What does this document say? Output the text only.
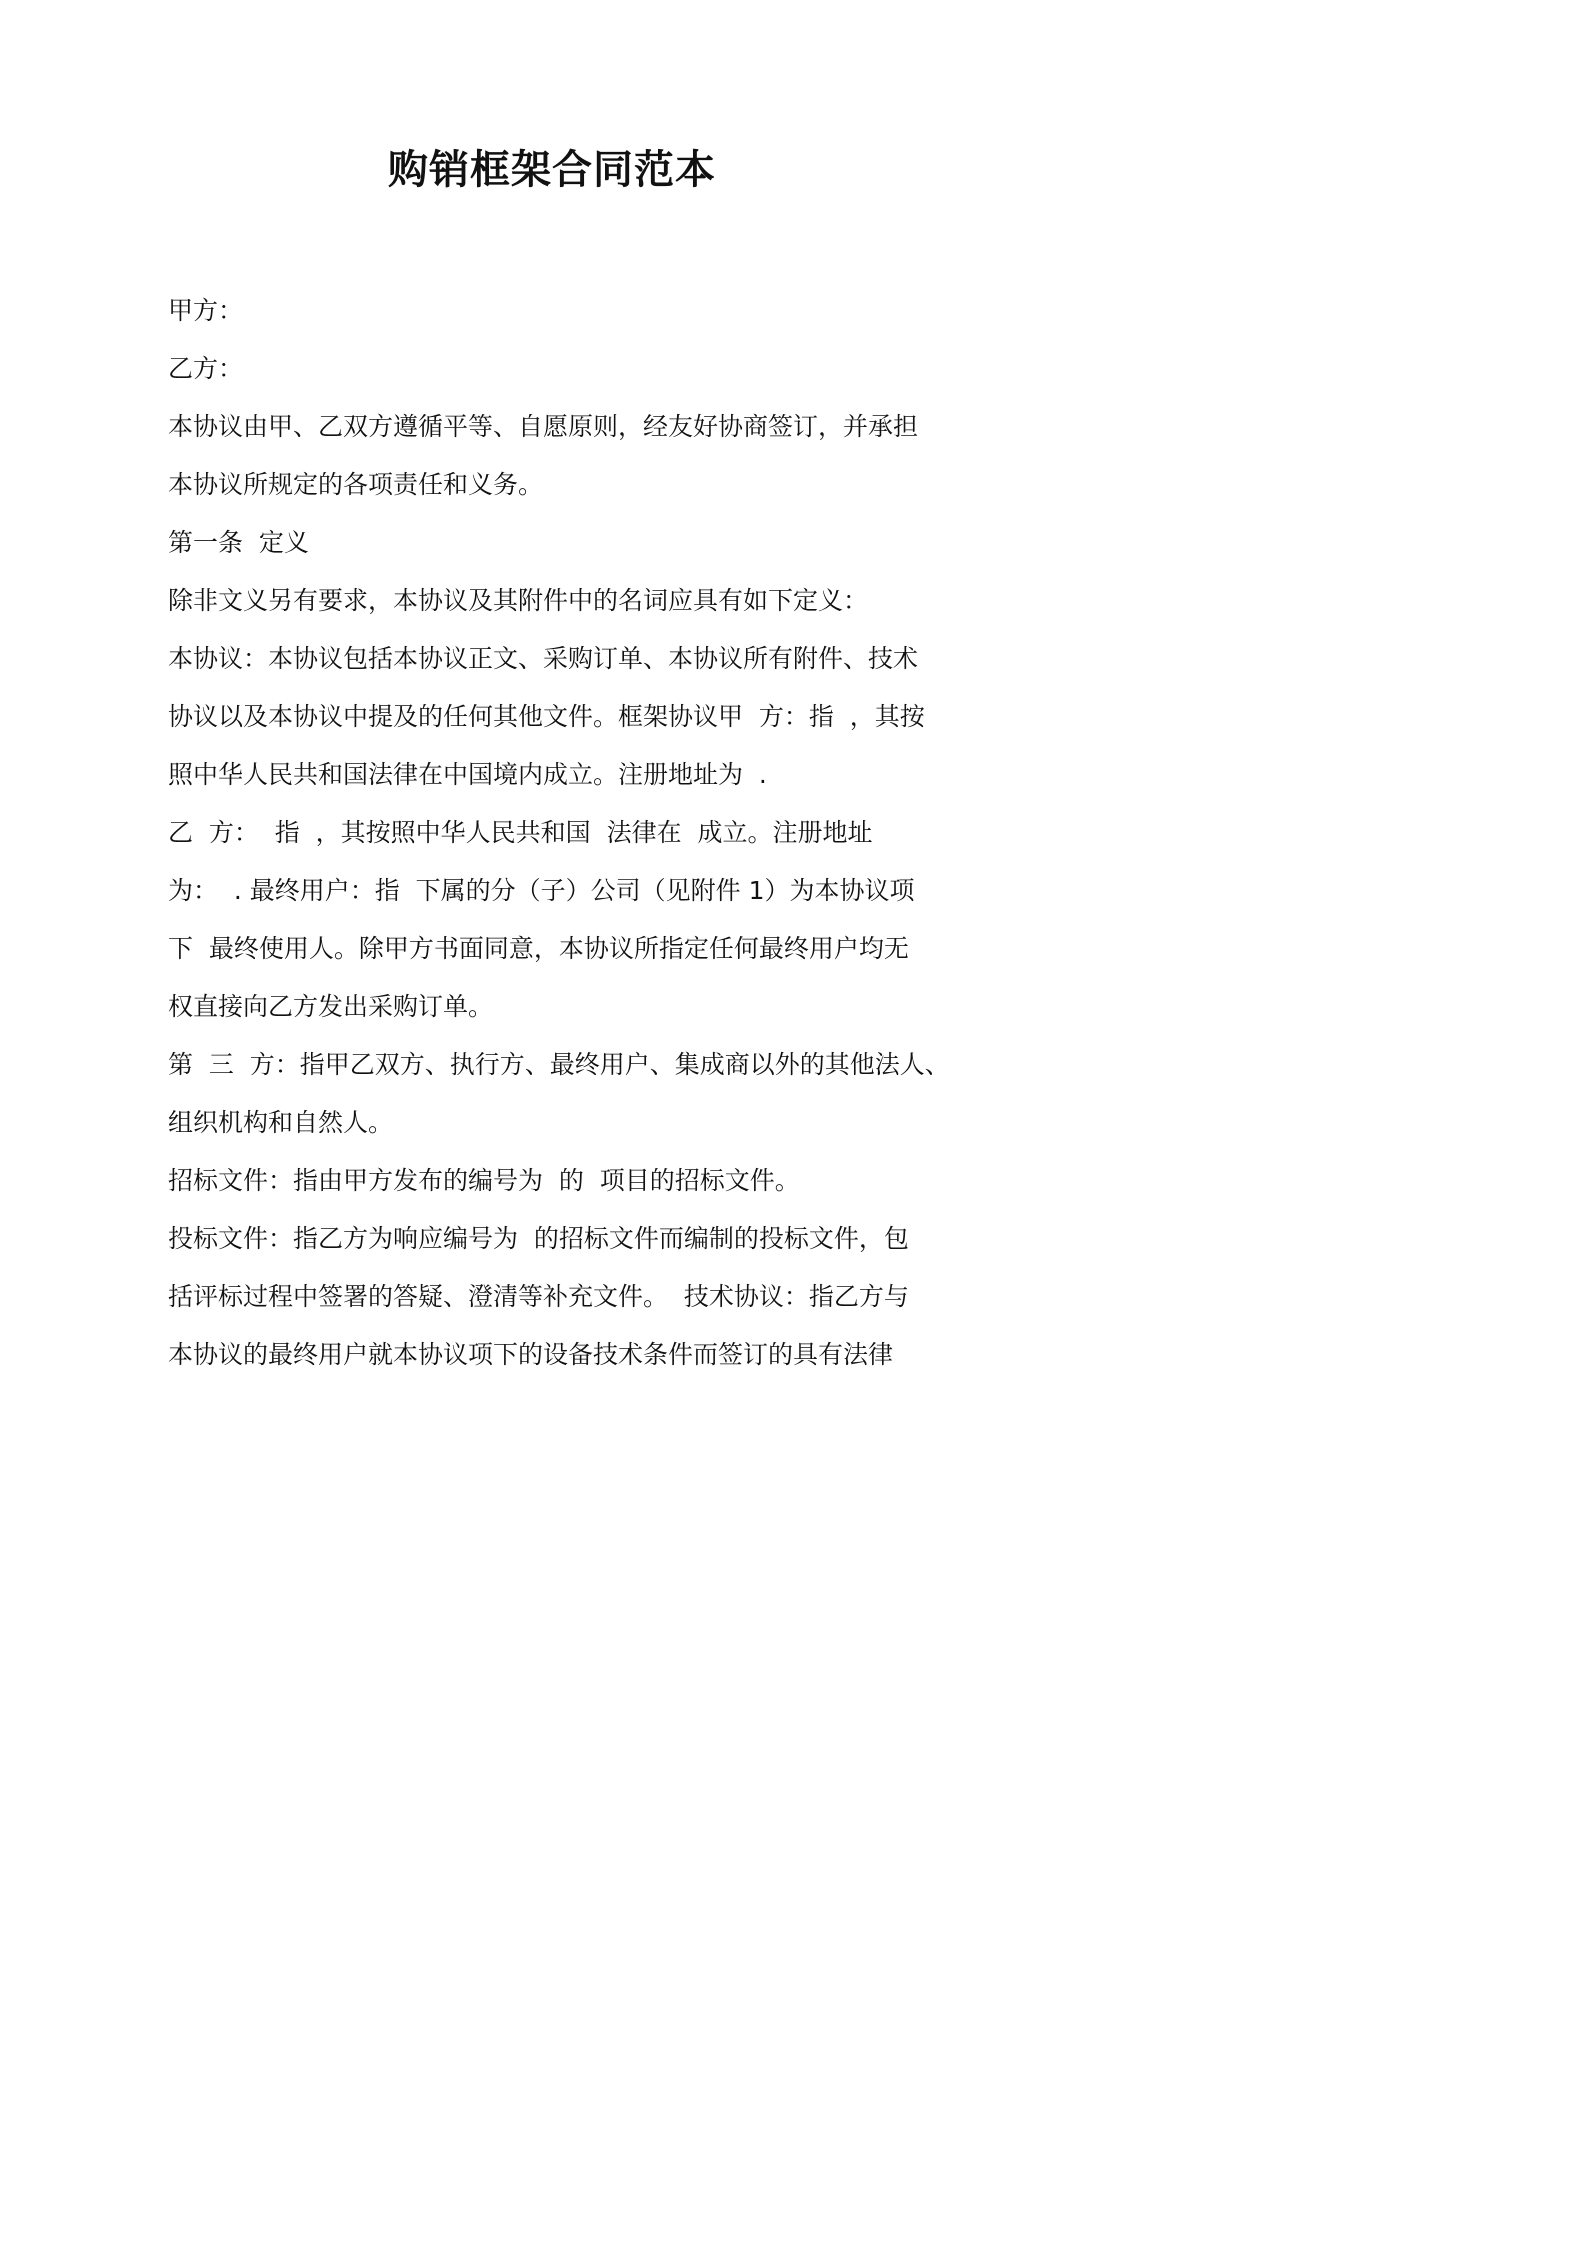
购销框架合同范本

甲方：

乙方：

本协议由甲、乙双方遵循平等、自愿原则，经友好协商签订，并承担

本协议所规定的各项责任和义务。

第一条  定义

除非文义另有要求，本协议及其附件中的名词应具有如下定义：

本协议：本协议包括本协议正文、采购订单、本协议所有附件、技术

协议以及本协议中提及的任何其他文件。框架协议甲  方：指  ，其按

照中华人民共和国法律在中国境内成立。注册地址为  .

乙  方：  指  ，其按照中华人民共和国  法律在  成立。注册地址

为：  . 最终用户：指  下属的分（子）公司（见附件 1）为本协议项

下  最终使用人。除甲方书面同意，本协议所指定任何最终用户均无

权直接向乙方发出采购订单。

第  三  方：指甲乙双方、执行方、最终用户、集成商以外的其他法人、

组织机构和自然人。

招标文件：指由甲方发布的编号为  的  项目的招标文件。

投标文件：指乙方为响应编号为  的招标文件而编制的投标文件，包

括评标过程中签署的答疑、澄清等补充文件。  技术协议：指乙方与

本协议的最终用户就本协议项下的设备技术条件而签订的具有法律
